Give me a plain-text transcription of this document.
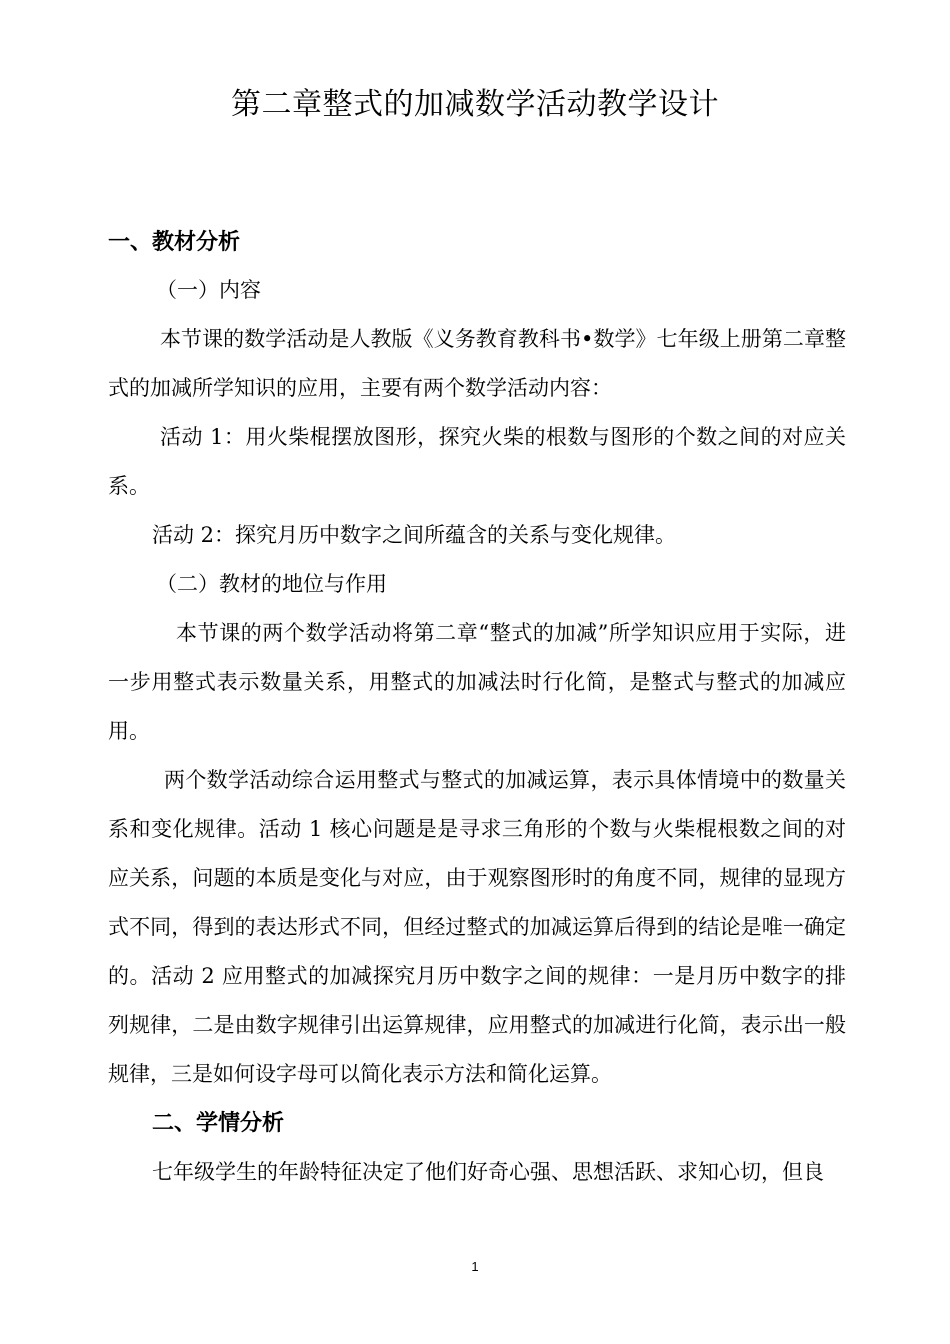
第二章整式的加减数学活动教学设计

一、教材分析

（一）内容

本节课的数学活动是人教版《义务教育教科书•数学》七年级上册第二章整式的加减所学知识的应用，主要有两个数学活动内容：

活动 1：用火柴棍摆放图形，探究火柴的根数与图形的个数之间的对应关系。

活动 2：探究月历中数字之间所蕴含的关系与变化规律。

（二）教材的地位与作用

本节课的两个数学活动将第二章“整式的加减”所学知识应用于实际，进一步用整式表示数量关系，用整式的加减法时行化简，是整式与整式的加减应用。

两个数学活动综合运用整式与整式的加减运算，表示具体情境中的数量关系和变化规律。活动 1 核心问题是是寻求三角形的个数与火柴棍根数之间的对应关系，问题的本质是变化与对应，由于观察图形时的角度不同，规律的显现方式不同，得到的表达形式不同，但经过整式的加减运算后得到的结论是唯一确定的。活动 2 应用整式的加减探究月历中数字之间的规律：一是月历中数字的排列规律，二是由数字规律引出运算规律，应用整式的加减进行化简，表示出一般规律，三是如何设字母可以简化表示方法和简化运算。

二、学情分析

七年级学生的年龄特征决定了他们好奇心强、思想活跃、求知心切，但良

1
